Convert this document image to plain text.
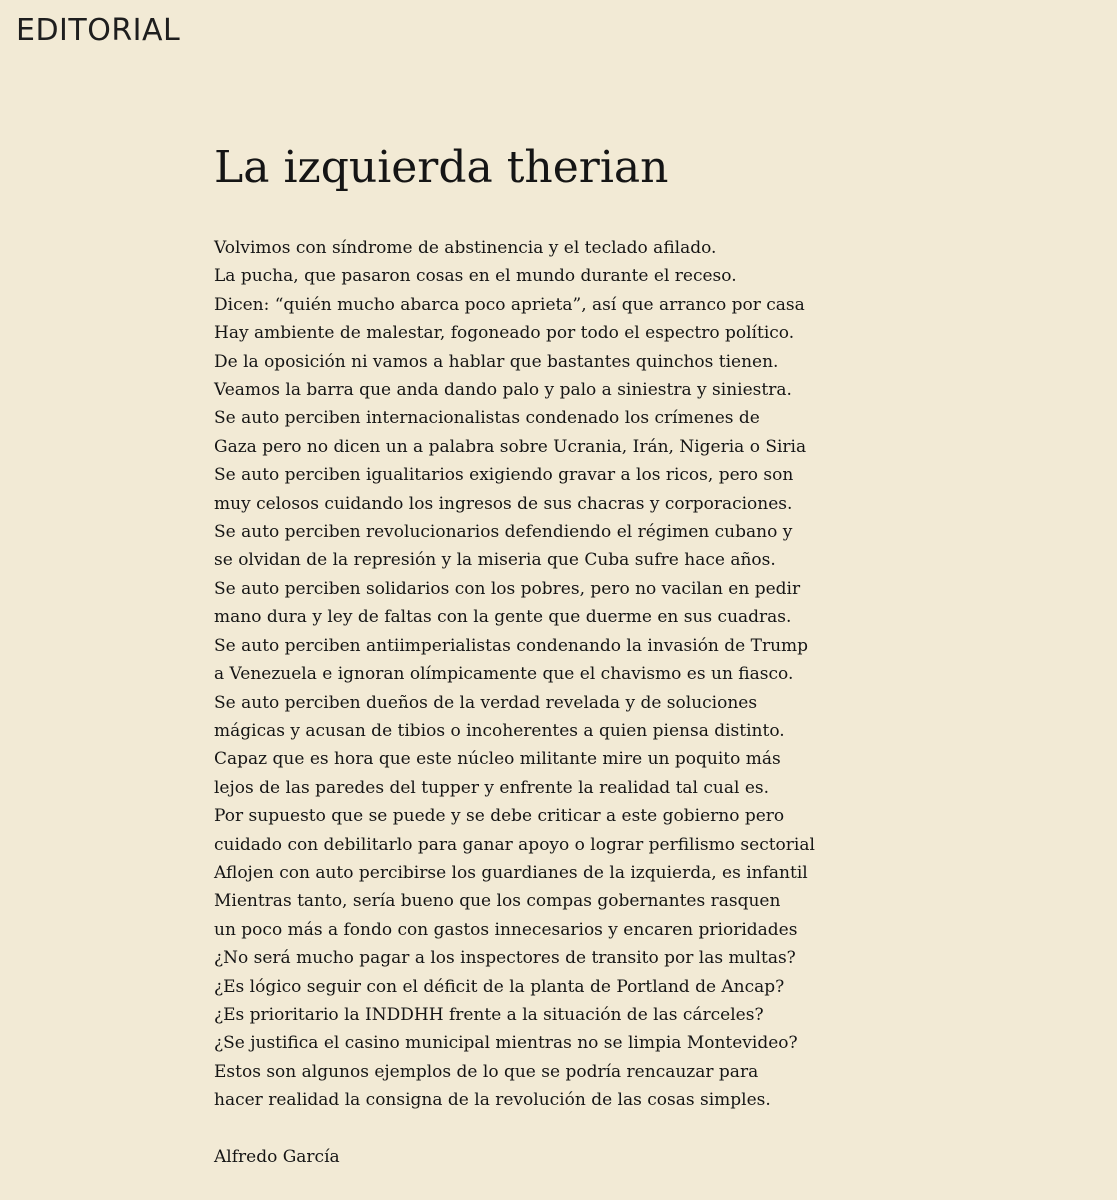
EDITORIAL
La izquierda therian
Volvimos con síndrome de abstinencia y el teclado afilado.
La pucha, que pasaron cosas en el mundo durante el receso.
Dicen: “quién mucho abarca poco aprieta”, así que arranco por casa
Hay ambiente de malestar, fogoneado por todo el espectro político.
De la oposición ni vamos a hablar que bastantes quinchos tienen.
Veamos la barra que anda dando palo y palo a siniestra y siniestra.
Se auto perciben internacionalistas condenado los crímenes de
Gaza pero no dicen un a palabra sobre Ucrania, Irán, Nigeria o Siria
Se auto perciben igualitarios exigiendo gravar a los ricos, pero son
muy celosos cuidando los ingresos de sus chacras y corporaciones.
Se auto perciben revolucionarios defendiendo el régimen cubano y
se olvidan de la represión y la miseria que Cuba sufre hace años.
Se auto perciben solidarios con los pobres, pero no vacilan en pedir
mano dura y ley de faltas con la gente que duerme en sus cuadras.
Se auto perciben antiimperialistas condenando la invasión de Trump
a Venezuela e ignoran olímpicamente que el chavismo es un fiasco.
Se auto perciben dueños de la verdad revelada y de soluciones
mágicas y acusan de tibios o incoherentes a quien piensa distinto.
Capaz que es hora que este núcleo militante mire un poquito más
lejos de las paredes del tupper y enfrente la realidad tal cual es.
Por supuesto que se puede y se debe criticar a este gobierno pero
cuidado con debilitarlo para ganar apoyo o lograr perfilismo sectorial
Aflojen con auto percibirse los guardianes de la izquierda, es infantil
Mientras tanto, sería bueno que los compas gobernantes rasquen
un poco más a fondo con gastos innecesarios y encaren prioridades
¿No será mucho pagar a los inspectores de transito por las multas?
¿Es lógico seguir con el déficit de la planta de Portland de Ancap?
¿Es prioritario la INDDHH frente a la situación de las cárceles?
¿Se justifica el casino municipal mientras no se limpia Montevideo?
Estos son algunos ejemplos de lo que se podría rencauzar para
hacer realidad la consigna de la revolución de las cosas simples.
Alfredo García
